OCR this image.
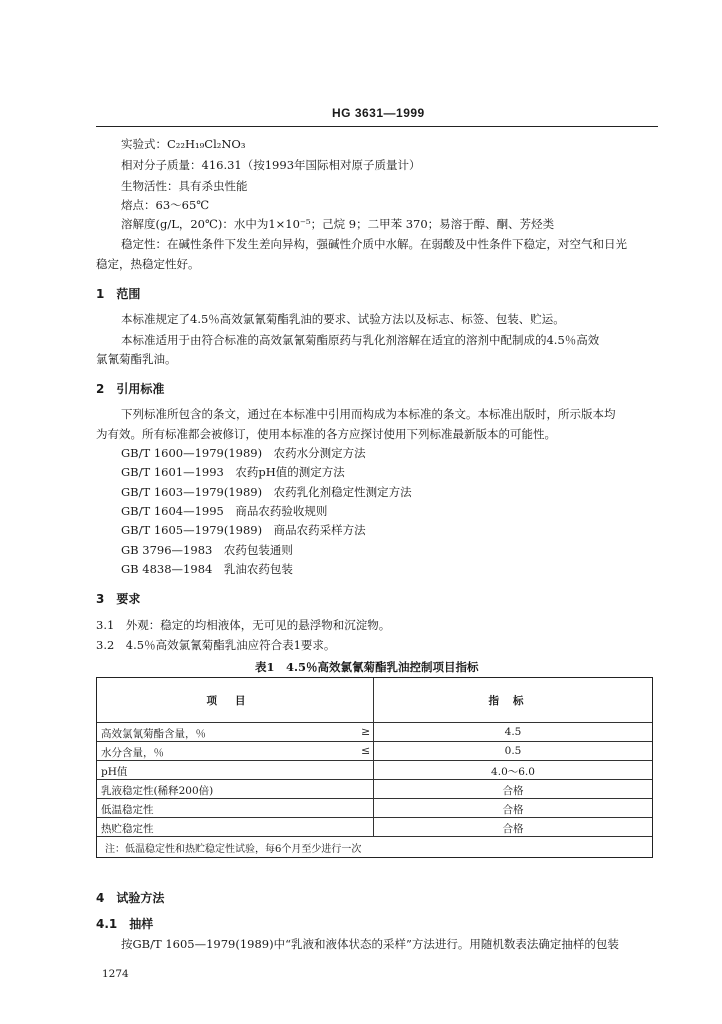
HG 3631—1999
实验式：C₂₂H₁₉Cl₂NO₃
相对分子质量：416.31（按1993年国际相对原子质量计）
生物活性：具有杀虫性能
熔点：63～65℃
溶解度(g/L，20℃)：水中为1×10⁻⁵；己烷 9；二甲苯 370；易溶于醇、酮、芳烃类
稳定性：在碱性条件下发生差向异构，强碱性介质中水解。在弱酸及中性条件下稳定，对空气和日光
稳定，热稳定性好。
1　范围
本标准规定了4.5％高效氯氰菊酯乳油的要求、试验方法以及标志、标签、包装、贮运。
本标准适用于由符合标准的高效氯氰菊酯原药与乳化剂溶解在适宜的溶剂中配制成的4.5％高效
氯氰菊酯乳油。
2　引用标准
下列标准所包含的条文，通过在本标准中引用而构成为本标准的条文。本标准出版时，所示版本均
为有效。所有标准都会被修订，使用本标准的各方应探讨使用下列标准最新版本的可能性。
GB/T 1600—1979(1989)　农药水分测定方法
GB/T 1601—1993　农药pH值的测定方法
GB/T 1603—1979(1989)　农药乳化剂稳定性测定方法
GB/T 1604—1995　商品农药验收规则
GB/T 1605—1979(1989)　商品农药采样方法
GB 3796—1983　农药包装通则
GB 4838—1984　乳油农药包装
3　要求
3.1　外观：稳定的均相液体，无可见的悬浮物和沉淀物。
3.2　4.5％高效氯氰菊酯乳油应符合表1要求。
表1　4.5％高效氯氰菊酯乳油控制项目指标
项目	指标
高效氯氰菊酯含量，％	≥	4.5
水分含量，％	≤	0.5
pH值	4.0～6.0
乳液稳定性(稀释200倍)	合格
低温稳定性	合格
热贮稳定性	合格
注：低温稳定性和热贮稳定性试验，每6个月至少进行一次
4　试验方法
4.1　抽样
按GB/T 1605—1979(1989)中“乳液和液体状态的采样”方法进行。用随机数表法确定抽样的包装
1274
